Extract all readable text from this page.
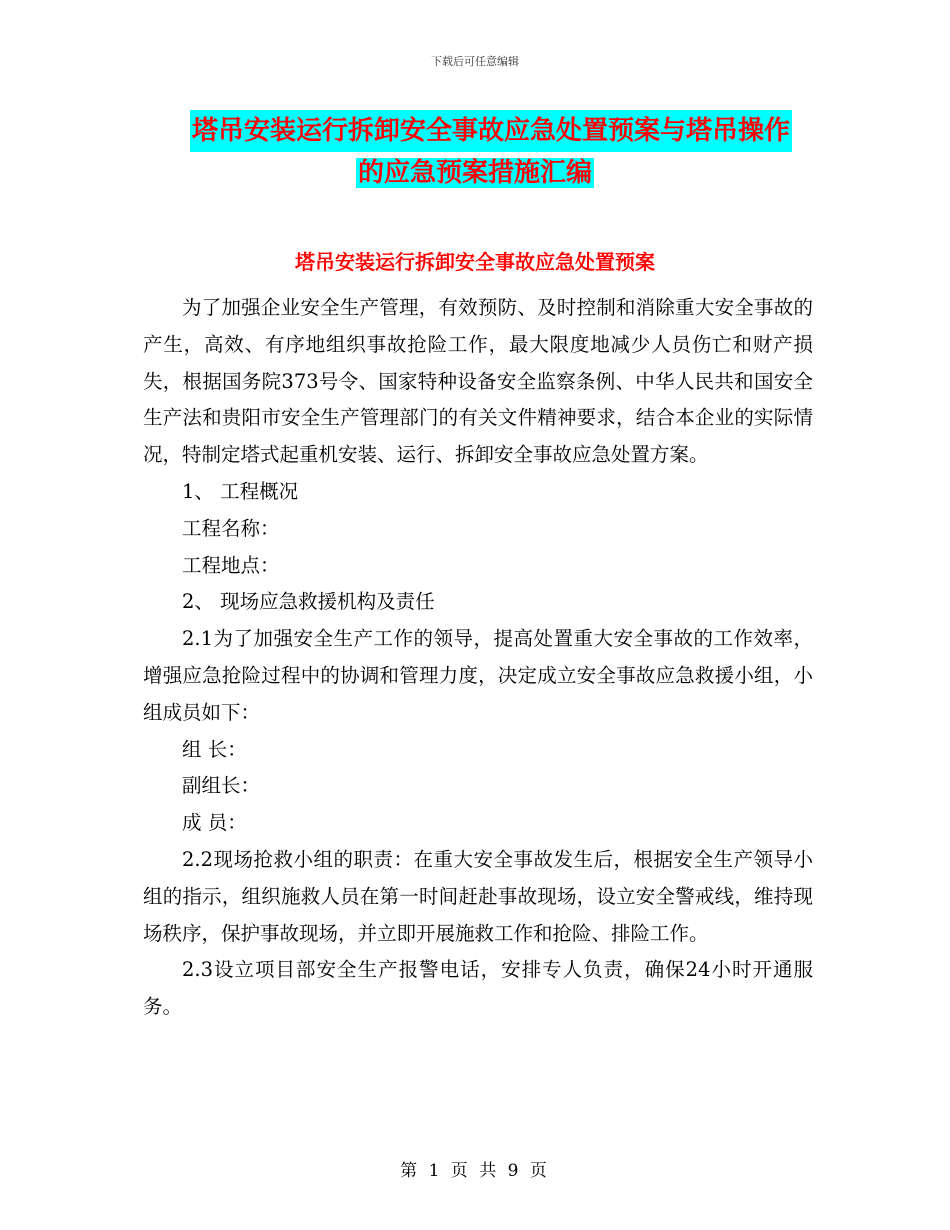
下载后可任意编辑
塔吊安装运行拆卸安全事故应急处置预案与塔吊操作
的应急预案措施汇编
塔吊安装运行拆卸安全事故应急处置预案

为了加强企业安全生产管理，有效预防、及时控制和消除重大安全事故的产生，高效、有序地组织事故抢险工作，最大限度地减少人员伤亡和财产损失，根据国务院373号令、国家特种设备安全监察条例、中华人民共和国安全生产法和贵阳市安全生产管理部门的有关文件精神要求，结合本企业的实际情况，特制定塔式起重机安装、运行、拆卸安全事故应急处置方案。

1、 工程概况

工程名称：

工程地点：

2、 现场应急救援机构及责任

2.1为了加强安全生产工作的领导，提高处置重大安全事故的工作效率，增强应急抢险过程中的协调和管理力度，决定成立安全事故应急救援小组，小组成员如下：

组 长：

副组长：

成 员：

2.2现场抢救小组的职责：在重大安全事故发生后，根据安全生产领导小组的指示，组织施救人员在第一时间赶赴事故现场，设立安全警戒线，维持现场秩序，保护事故现场，并立即开展施救工作和抢险、排险工作。

2.3设立项目部安全生产报警电话，安排专人负责，确保24小时开通服务。

第 1 页 共 9 页
